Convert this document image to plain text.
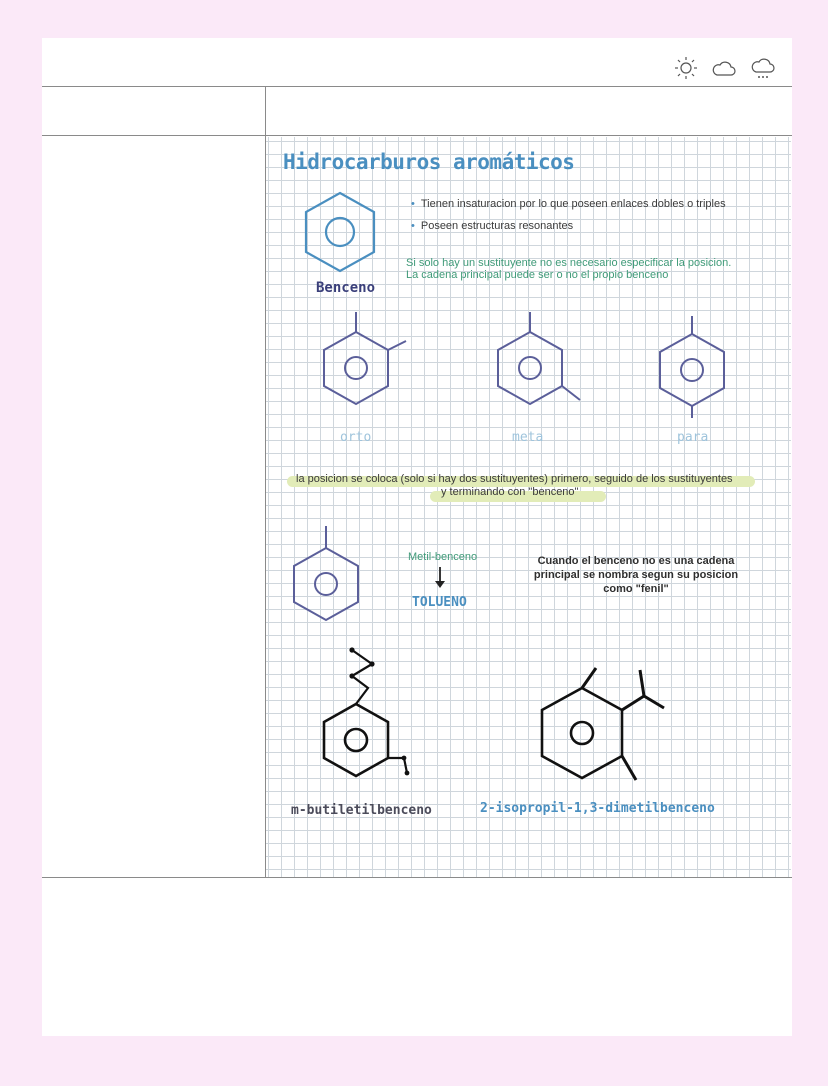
Hidrocarburos aromáticos
Benceno
• Tienen insaturacion por lo que poseen enlaces dobles o triples
• Poseen estructuras resonantes
Si solo hay un sustituyente no es necesario especificar la posicion.
La cadena principal puede ser o no el propio benceno
orto	meta	para
la posicion se coloca (solo si hay dos sustituyentes) primero, seguido de los sustituyentes
y terminando con "benceno"
Metil-benceno
TOLUENO
Cuando el benceno no es una cadena
principal se nombra segun su posicion
como "fenil"
m-butiletilbenceno	2-isopropil-1,3-dimetilbenceno
